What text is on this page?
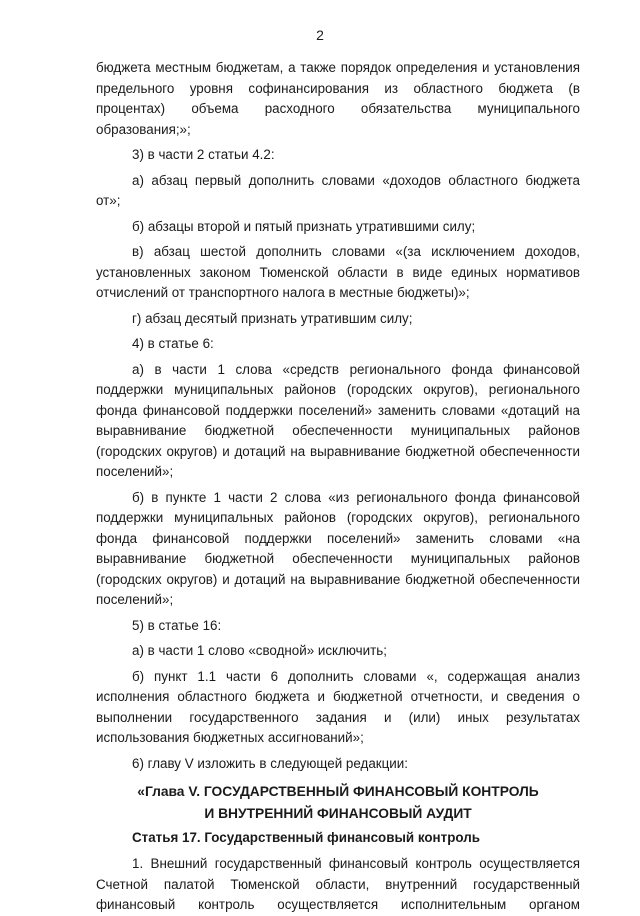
2

бюджета местным бюджетам, а также порядок определения и установления предельного уровня софинансирования из областного бюджета (в процентах) объема расходного обязательства муниципального образования;»;

3) в части 2 статьи 4.2:

а) абзац первый дополнить словами «доходов областного бюджета от»;

б) абзацы второй и пятый признать утратившими силу;

в) абзац шестой дополнить словами «(за исключением доходов, установленных законом Тюменской области в виде единых нормативов отчислений от транспортного налога в местные бюджеты)»;

г) абзац десятый признать утратившим силу;

4) в статье 6:

а) в части 1 слова «средств регионального фонда финансовой поддержки муниципальных районов (городских округов), регионального фонда финансовой поддержки поселений» заменить словами «дотаций на выравнивание бюджетной обеспеченности муниципальных районов (городских округов) и дотаций на выравнивание бюджетной обеспеченности поселений»;

б) в пункте 1 части 2 слова «из регионального фонда финансовой поддержки муниципальных районов (городских округов), регионального фонда финансовой поддержки поселений» заменить словами «на выравнивание бюджетной обеспеченности муниципальных районов (городских округов) и дотаций на выравнивание бюджетной обеспеченности поселений»;

5) в статье 16:

а) в части 1 слово «сводной» исключить;

б) пункт 1.1 части 6 дополнить словами «, содержащая анализ исполнения областного бюджета и бюджетной отчетности, и сведения о выполнении государственного задания и (или) иных результатах использования бюджетных ассигнований»;

6) главу V изложить в следующей редакции:

«Глава V. ГОСУДАРСТВЕННЫЙ ФИНАНСОВЫЙ КОНТРОЛЬ

И ВНУТРЕННИЙ ФИНАНСОВЫЙ АУДИТ

Статья 17. Государственный финансовый контроль

1. Внешний государственный финансовый контроль осуществляется Счетной палатой Тюменской области, внутренний государственный финансовый контроль осуществляется исполнительным органом
